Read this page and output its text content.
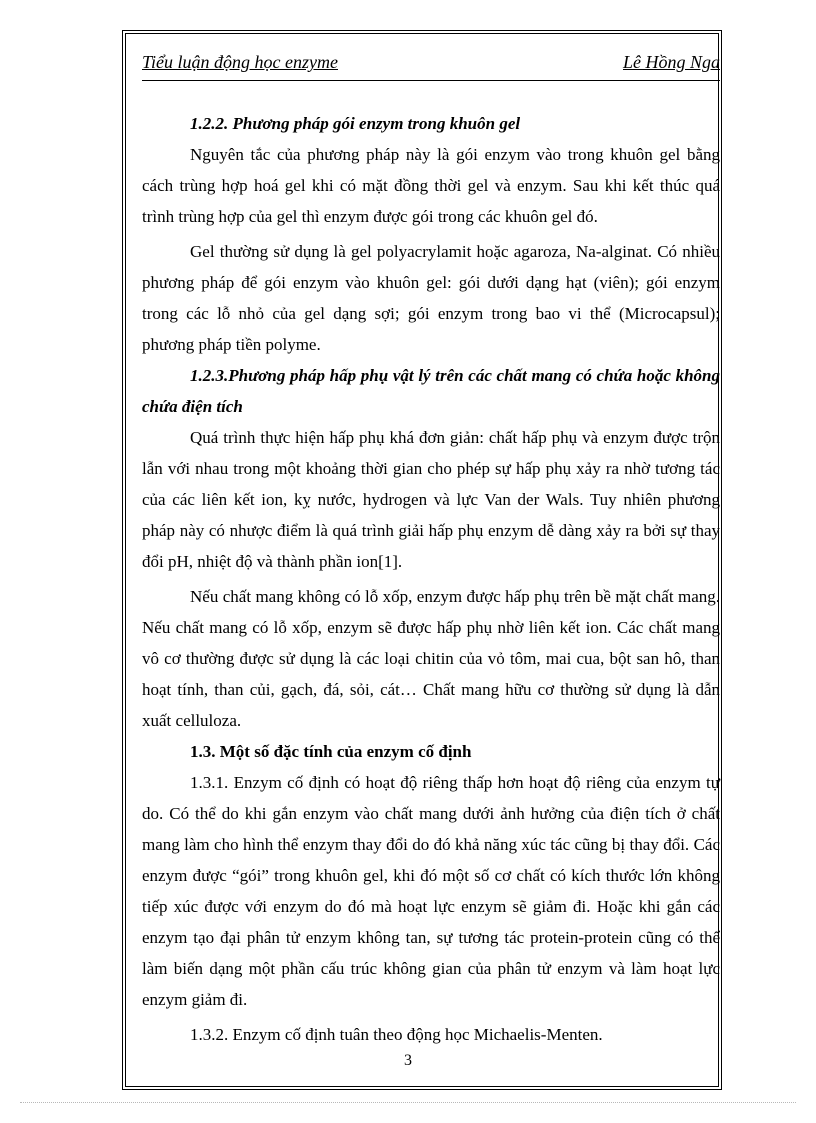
Tiểu luận động học enzyme	Lê Hồng Nga

1.2.2. Phương pháp gói enzym trong khuôn gel

Nguyên tắc của phương pháp này là gói enzym vào trong khuôn gel bằng cách trùng hợp hoá gel khi có mặt đồng thời gel và enzym. Sau khi kết thúc quá trình trùng hợp của gel thì enzym được gói trong các khuôn gel đó.

Gel thường sử dụng là gel polyacrylamit hoặc agaroza, Na-alginat. Có nhiều phương pháp để gói enzym vào khuôn gel: gói dưới dạng hạt (viên); gói enzym trong các lỗ nhỏ của gel dạng sợi; gói enzym trong bao vi thể (Microcapsul); phương pháp tiền polyme.

1.2.3.Phương pháp hấp phụ vật lý trên các chất mang có chứa hoặc không chứa điện tích

Quá trình thực hiện hấp phụ khá đơn giản: chất hấp phụ và enzym được trộn lẫn với nhau trong một khoảng thời gian cho phép sự hấp phụ xảy ra nhờ tương tác của các liên kết ion, kỵ nước, hydrogen và lực Van der Wals. Tuy nhiên phương pháp này có nhược điểm là quá trình giải hấp phụ enzym dễ dàng xảy ra bởi sự thay đổi pH, nhiệt độ và thành phần ion[1].

Nếu chất mang không có lỗ xốp, enzym được hấp phụ trên bề mặt chất mang. Nếu chất mang có lỗ xốp, enzym sẽ được hấp phụ nhờ liên kết ion. Các chất mang vô cơ thường được sử dụng là các loại chitin của vỏ tôm, mai cua, bột san hô, than hoạt tính, than củi, gạch, đá, sỏi, cát… Chất mang hữu cơ thường sử dụng là dẫn xuất celluloza.

1.3. Một số đặc tính của enzym cố định

1.3.1. Enzym cố định có hoạt độ riêng thấp hơn hoạt độ riêng của enzym tự do. Có thể do khi gắn enzym vào chất mang dưới ảnh hưởng của điện tích ở chất mang làm cho hình thể enzym thay đổi do đó khả năng xúc tác cũng bị thay đổi. Các enzym được “gói” trong khuôn gel, khi đó một số cơ chất có kích thước lớn không tiếp xúc được với enzym do đó mà hoạt lực enzym sẽ giảm đi. Hoặc khi gắn các enzym tạo đại phân tử enzym không tan, sự tương tác protein-protein cũng có thể làm biến dạng một phần cấu trúc không gian của phân tử enzym và làm hoạt lực enzym giảm đi.

1.3.2. Enzym cố định tuân theo động học Michaelis-Menten.

3
